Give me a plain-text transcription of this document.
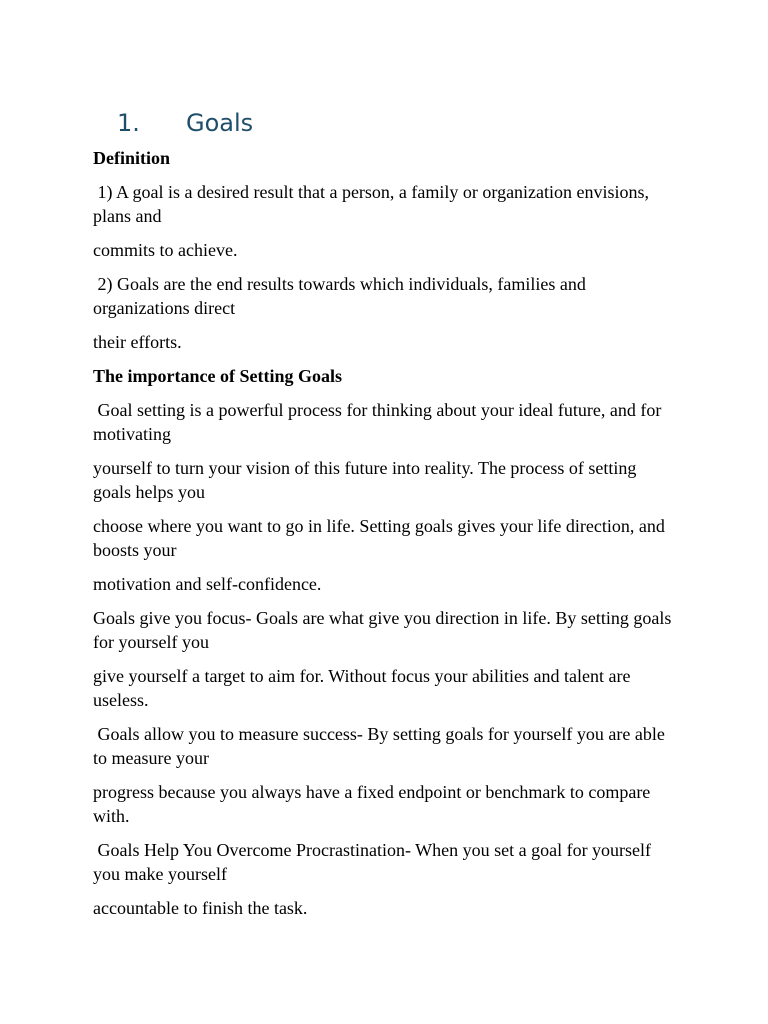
1.	Goals
Definition

1) A goal is a desired result that a person, a family or organization envisions, plans and

commits to achieve.

2) Goals are the end results towards which individuals, families and organizations direct

their efforts.

The importance of Setting Goals

Goal setting is a powerful process for thinking about your ideal future, and for motivating

yourself to turn your vision of this future into reality. The process of setting goals helps you

choose where you want to go in life. Setting goals gives your life direction, and boosts your

motivation and self-confidence.

Goals give you focus- Goals are what give you direction in life. By setting goals for yourself you

give yourself a target to aim for. Without focus your abilities and talent are useless.

Goals allow you to measure success- By setting goals for yourself you are able to measure your

progress because you always have a fixed endpoint or benchmark to compare with.

Goals Help You Overcome Procrastination- When you set a goal for yourself you make yourself

accountable to finish the task.
